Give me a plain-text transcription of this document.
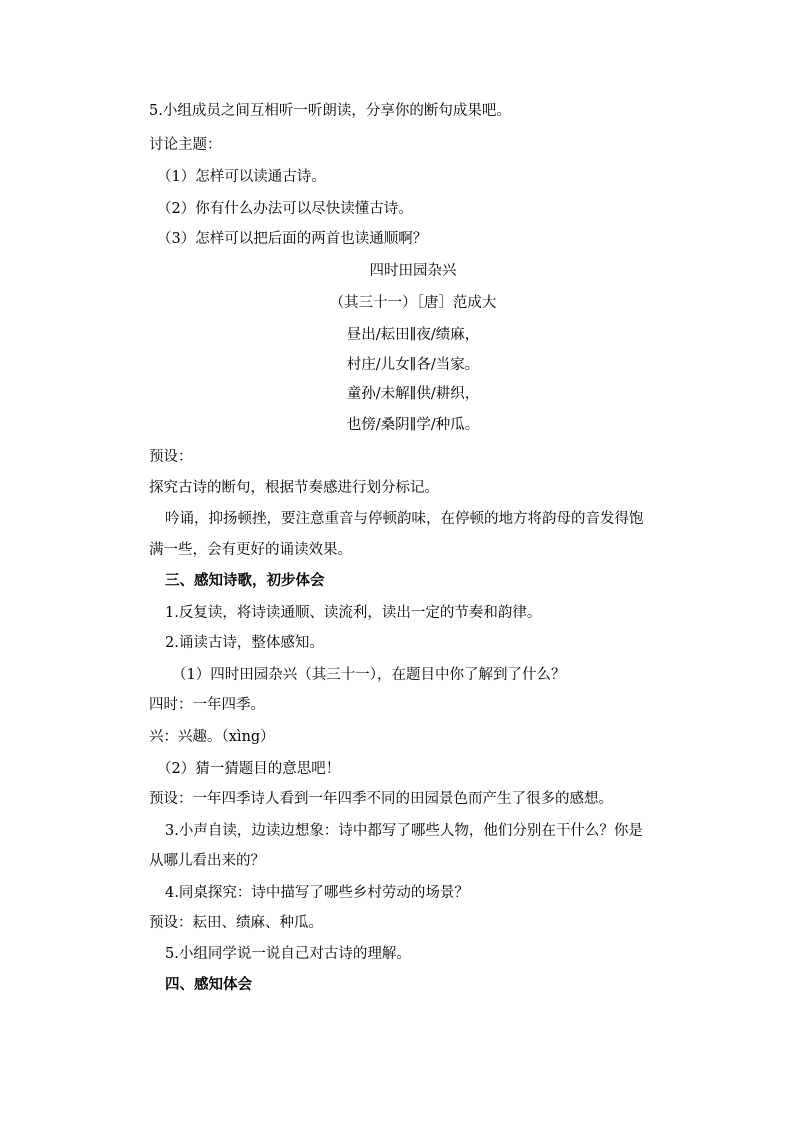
5.小组成员之间互相听一听朗读，分享你的断句成果吧。
讨论主题：
（1）怎样可以读通古诗。
（2）你有什么办法可以尽快读懂古诗。
（3）怎样可以把后面的两首也读通顺啊？
四时田园杂兴
（其三十一）［唐］范成大
昼出/耘田∥夜/绩麻，
村庄/儿女∥各/当家。
童孙/未解∥供/耕织，
也傍/桑阴∥学/种瓜。
预设：
探究古诗的断句，根据节奏感进行划分标记。
吟诵，抑扬顿挫，要注意重音与停顿韵味，在停顿的地方将韵母的音发得饱
满一些，会有更好的诵读效果。
三、感知诗歌，初步体会
1.反复读，将诗读通顺、读流利，读出一定的节奏和韵律。
2.诵读古诗，整体感知。
（1）四时田园杂兴（其三十一），在题目中你了解到了什么？
四时：一年四季。
兴：兴趣。（xìng）
（2）猜一猜题目的意思吧！
预设：一年四季诗人看到一年四季不同的田园景色而产生了很多的感想。
3.小声自读，边读边想象：诗中都写了哪些人物，他们分别在干什么？你是
从哪儿看出来的？
4.同桌探究：诗中描写了哪些乡村劳动的场景？
预设：耘田、绩麻、种瓜。
5.小组同学说一说自己对古诗的理解。
四、感知体会
